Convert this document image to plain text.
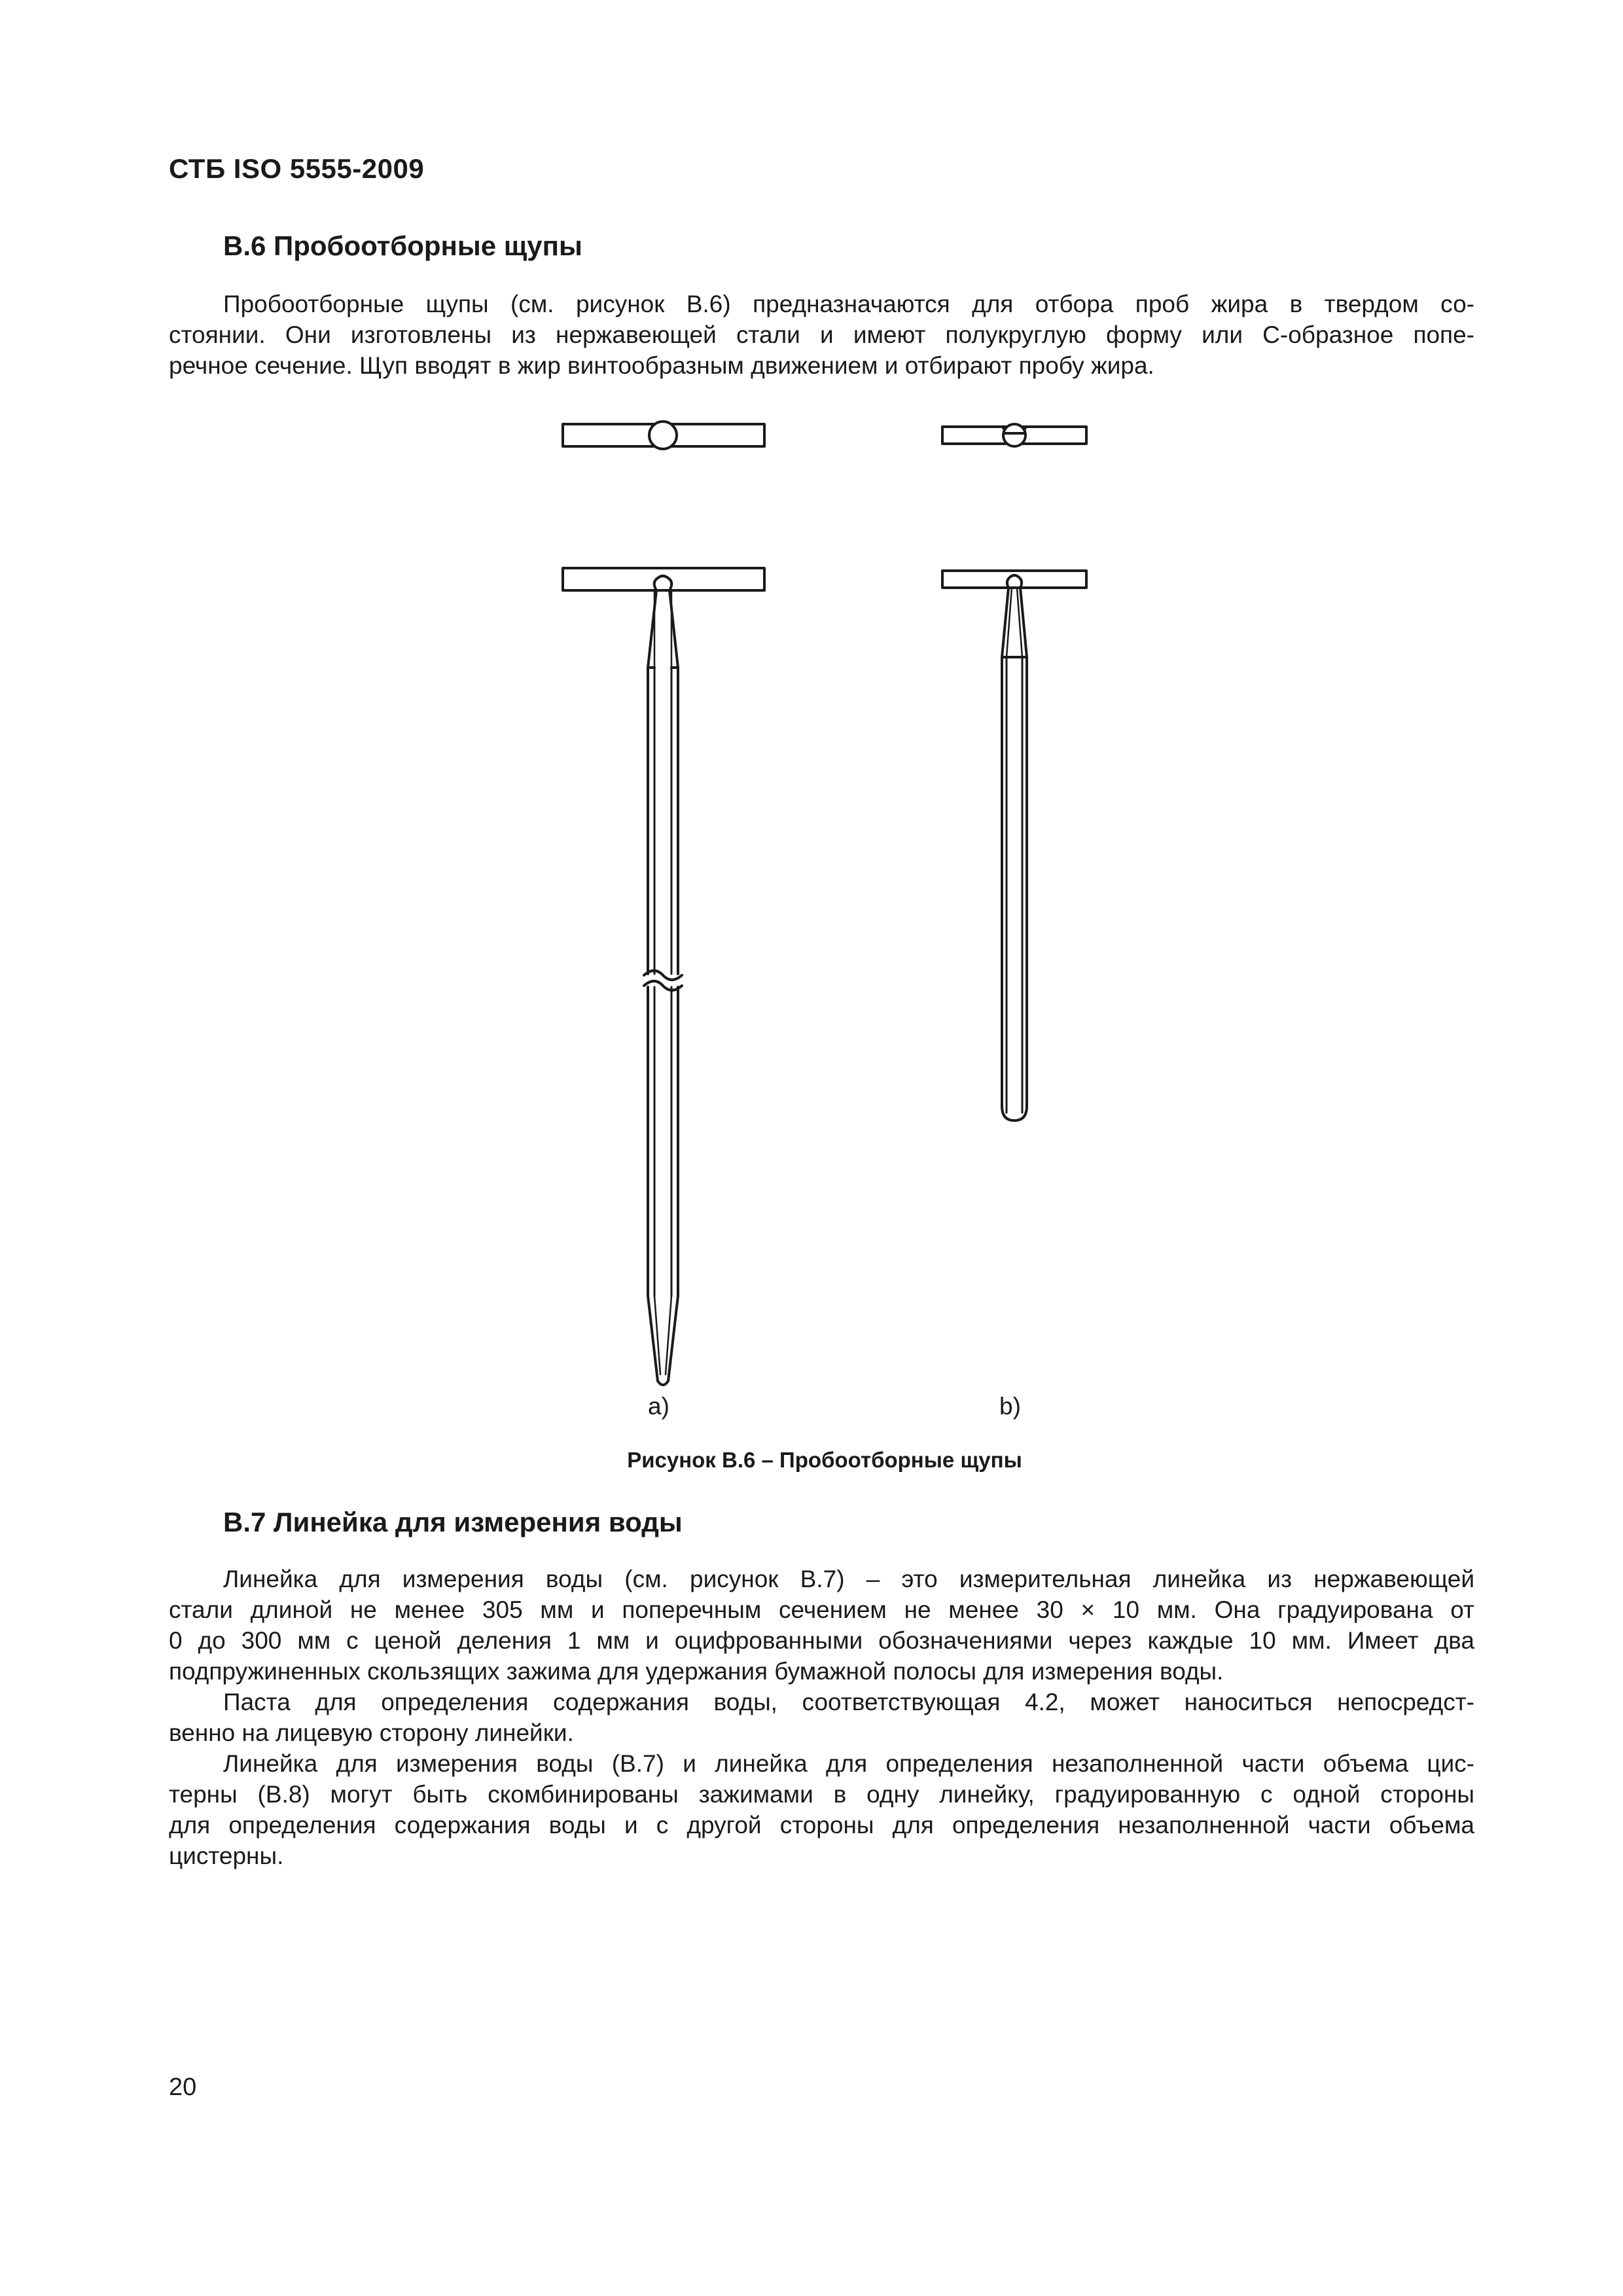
СТБ ISO 5555-2009
В.6 Пробоотборные щупы
Пробоотборные щупы (см. рисунок В.6) предназначаются для отбора проб жира в твердом со-
стоянии. Они изготовлены из нержавеющей стали и имеют полукруглую форму или С-образное попе-
речное сечение. Щуп вводят в жир винтообразным движением и отбирают пробу жира.
a)	b)
Рисунок В.6 – Пробоотборные щупы
В.7 Линейка для измерения воды
Линейка для измерения воды (см. рисунок В.7) – это измерительная линейка из нержавеющей
стали длиной не менее 305 мм и поперечным сечением не менее 30 × 10 мм. Она градуирована от
0 до 300 мм с ценой деления 1 мм и оцифрованными обозначениями через каждые 10 мм. Имеет два
подпружиненных скользящих зажима для удержания бумажной полосы для измерения воды.
Паста для определения содержания воды, соответствующая 4.2, может наноситься непосредст-
венно на лицевую сторону линейки.
Линейка для измерения воды (В.7) и линейка для определения незаполненной части объема цис-
терны (В.8) могут быть скомбинированы зажимами в одну линейку, градуированную с одной стороны
для определения содержания воды и с другой стороны для определения незаполненной части объема
цистерны.
20
